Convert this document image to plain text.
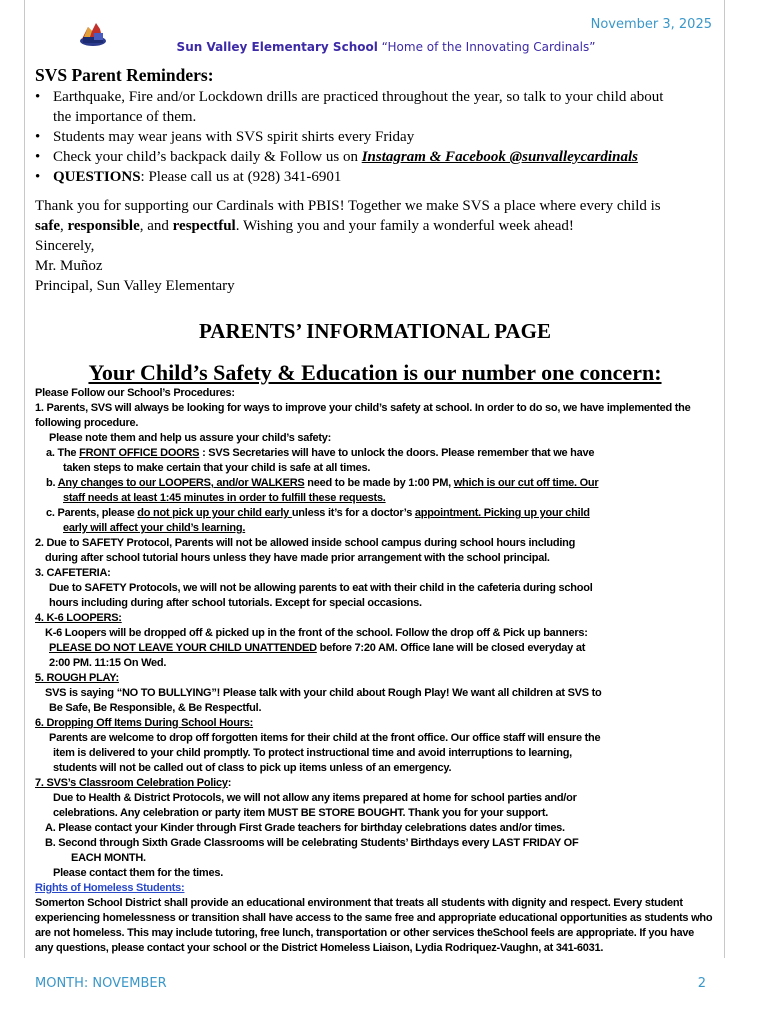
November 3, 2025
Sun Valley Elementary School “Home of the Innovating Cardinals”
SVS Parent Reminders:
• Earthquake, Fire and/or Lockdown drills are practiced throughout the year, so talk to your child about
the importance of them.
• Students may wear jeans with SVS spirit shirts every Friday
• Check your child’s backpack daily & Follow us on Instagram & Facebook @sunvalleycardinals
• QUESTIONS: Please call us at (928) 341-6901
Thank you for supporting our Cardinals with PBIS! Together we make SVS a place where every child is
safe, responsible, and respectful. Wishing you and your family a wonderful week ahead!
Sincerely,
Mr. Muñoz
Principal, Sun Valley Elementary
PARENTS’ INFORMATIONAL PAGE
Your Child’s Safety & Education is our number one concern:

Please Follow our School’s Procedures:

1. Parents, SVS will always be looking for ways to improve your child’s safety at school. In order to do so, we have implemented the following procedure.

Please note them and help us assure your child’s safety:

a. The FRONT OFFICE DOORS : SVS Secretaries will have to unlock the doors. Please remember that we have
taken steps to make certain that your child is safe at all times.

b. Any changes to our LOOPERS, and/or WALKERS need to be made by 1:00 PM, which is our cut off time. Our
staff needs at least 1:45 minutes in order to fulfill these requests.

c. Parents, please do not pick up your child early unless it’s for a doctor’s appointment. Picking up your child
early will affect your child’s learning.

2. Due to SAFETY Protocol, Parents will not be allowed inside school campus during school hours including

during after school tutorial hours unless they have made prior arrangement with the school principal.

3. CAFETERIA:

Due to SAFETY Protocols, we will not be allowing parents to eat with their child in the cafeteria during school

hours including during after school tutorials. Except for special occasions.

4. K-6 LOOPERS:

K-6 Loopers will be dropped off & picked up in the front of the school. Follow the drop off & Pick up banners:

PLEASE DO NOT LEAVE YOUR CHILD UNATTENDED before 7:20 AM. Office lane will be closed everyday at

2:00 PM. 11:15 On Wed.

5. ROUGH PLAY:

SVS is saying “NO TO BULLYING”! Please talk with your child about Rough Play! We want all children at SVS to

Be Safe, Be Responsible, & Be Respectful.

6. Dropping Off Items During School Hours:

Parents are welcome to drop off forgotten items for their child at the front office. Our office staff will ensure the

item is delivered to your child promptly. To protect instructional time and avoid interruptions to learning,

students will not be called out of class to pick up items unless of an emergency.

7. SVS’s Classroom Celebration Policy:

Due to Health & District Protocols, we will not allow any items prepared at home for school parties and/or

celebrations. Any celebration or party item MUST BE STORE BOUGHT. Thank you for your support.

A. Please contact your Kinder through First Grade teachers for birthday celebrations dates and/or times.

B. Second through Sixth Grade Classrooms will be celebrating Students’ Birthdays every LAST FRIDAY OF

EACH MONTH.

Please contact them for the times.

Rights of Homeless Students:

Somerton School District shall provide an educational environment that treats all students with dignity and respect. Every student experiencing homelessness or transition shall have access to the same free and appropriate educational opportunities as students who are not homeless. This may include tutoring, free lunch, transportation or other services theSchool feels are appropriate. If you have any questions, please contact your school or the District Homeless Liaison, Lydia Rodriquez-Vaughn, at 341-6031.

MONTH: NOVEMBER	2
